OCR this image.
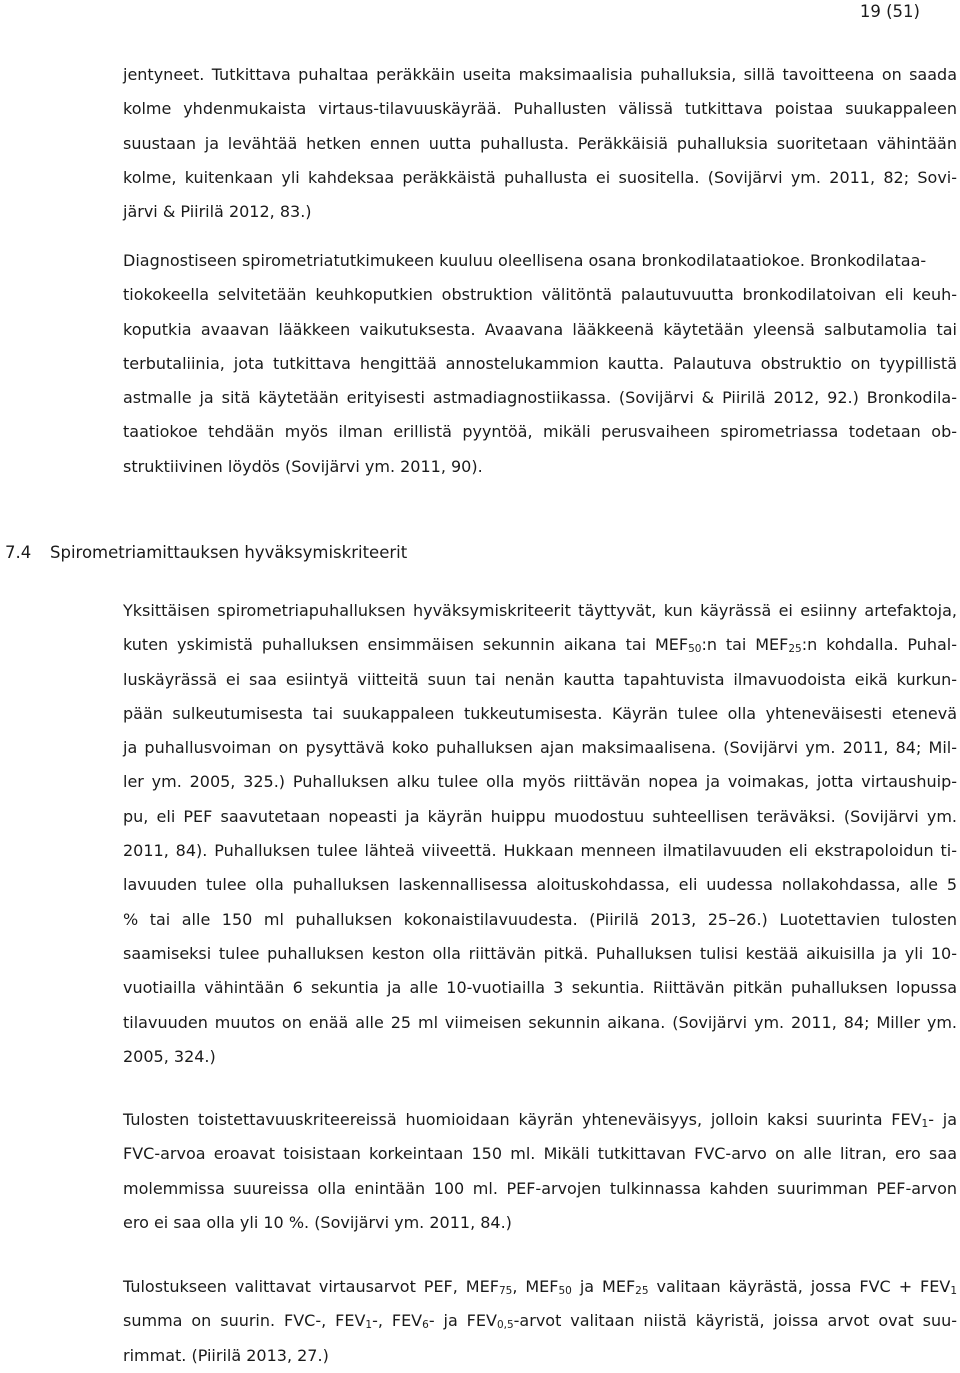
19 (51)
jentyneet. Tutkittava puhaltaa peräkkäin useita maksimaalisia puhalluksia, sillä tavoitteena on saada
kolme yhdenmukaista virtaus-tilavuuskäyrää. Puhallusten välissä tutkittava poistaa suukappaleen
suustaan ja levähtää hetken ennen uutta puhallusta. Peräkkäisiä puhalluksia suoritetaan vähintään
kolme, kuitenkaan yli kahdeksaa peräkkäistä puhallusta ei suositella. (Sovijärvi ym. 2011, 82; Sovi-
järvi & Piirilä 2012, 83.)
Diagnostiseen spirometriatutkimukeen kuuluu oleellisena osana bronkodilataatiokoe. Bronkodilataa-
tiokokeella selvitetään keuhkoputkien obstruktion välitöntä palautuvuutta bronkodilatoivan eli keuh-
koputkia avaavan lääkkeen vaikutuksesta. Avaavana lääkkeenä käytetään yleensä salbutamolia tai
terbutaliinia, jota tutkittava hengittää annostelukammion kautta. Palautuva obstruktio on tyypillistä
astmalle ja sitä käytetään erityisesti astmadiagnostiikassa. (Sovijärvi & Piirilä 2012, 92.) Bronkodila-
taatiokoe tehdään myös ilman erillistä pyyntöä, mikäli perusvaiheen spirometriassa todetaan ob-
struktiivinen löydös (Sovijärvi ym. 2011, 90).
7.4 Spirometriamittauksen hyväksymiskriteerit
Yksittäisen spirometriapuhalluksen hyväksymiskriteerit täyttyvät, kun käyrässä ei esiinny artefaktoja,
kuten yskimistä puhalluksen ensimmäisen sekunnin aikana tai $MEF_{50}:n$ tai $MEF_{25}:n$ kohdalla. Puhal-
luskäyrässä ei saa esiintyä viitteitä suun tai nenän kautta tapahtuvista ilmavuodoista eikä kurkun-
pään sulkeutumisesta tai suukappaleen tukkeutumisesta. Käyrän tulee olla yhteneväisesti etenevä
ja puhallusvoiman on pysyttävä koko puhalluksen ajan maksimaalisena. (Sovijärvi ym. 2011, 84; Mil-
ler ym. 2005, 325.) Puhalluksen alku tulee olla myös riittävän nopea ja voimakas, jotta virtaushuip-
pu, eli PEF saavutetaan nopeasti ja käyrän huippu muodostuu suhteellisen teräväksi. (Sovijärvi ym.
2011, 84). Puhalluksen tulee lähteä viiveettä. Hukkaan menneen ilmatilavuuden eli ekstrapoloidun ti-
lavuuden tulee olla puhalluksen laskennallisessa aloituskohdassa, eli uudessa nollakohdassa, alle 5
% tai alle 150 ml puhalluksen kokonaistilavuudesta. (Piirilä 2013, 25–26.) Luotettavien tulosten
saamiseksi tulee puhalluksen keston olla riittävän pitkä. Puhalluksen tulisi kestää aikuisilla ja yli 10-
vuotiailla vähintään 6 sekuntia ja alle 10-vuotiailla 3 sekuntia. Riittävän pitkän puhalluksen lopussa
tilavuuden muutos on enää alle 25 ml viimeisen sekunnin aikana. (Sovijärvi ym. 2011, 84; Miller ym.
2005, 324.)
Tulosten toistettavuuskriteereissä huomioidaan käyrän yhteneväisyys, jolloin kaksi suurinta $FEV_1-$ ja
FVC-arvoa eroavat toisistaan korkeintaan 150 ml. Mikäli tutkittavan FVC-arvo on alle litran, ero saa
molemmissa suureissa olla enintään 100 ml. PEF-arvojen tulkinnassa kahden suurimman PEF-arvon
ero ei saa olla yli 10 %. (Sovijärvi ym. 2011, 84.)
Tulostukseen valittavat virtausarvot PEF, $MEF_{75}$, $MEF_{50}$ ja $MEF_{25}$ valitaan käyrästä, jossa FVC + $FEV_1$
summa on suurin. FVC-, $FEV_1-$, $FEV_6-$ ja $FEV_{0,5}$-arvot valitaan niistä käyristä, joissa arvot ovat suu-
rimmat. (Piirilä 2013, 27.)
